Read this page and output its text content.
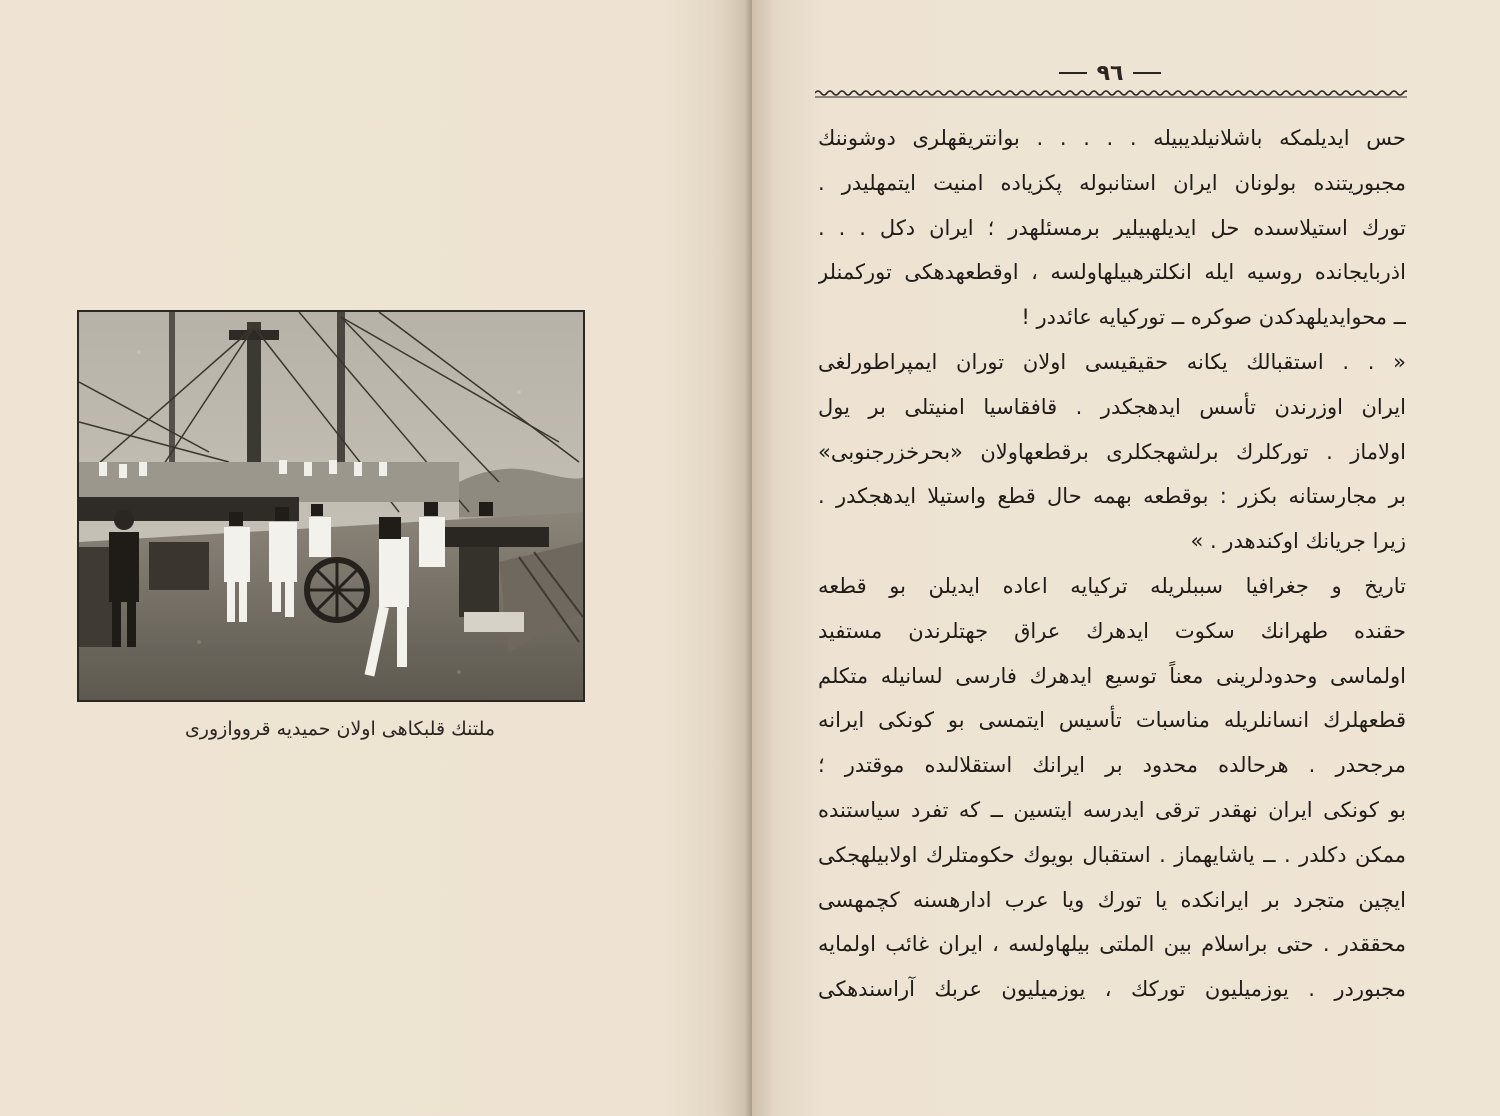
ملتنك قلبكاهى اولان حميديه قرووازورى
٩٦
حس ايديلمكه باشلانيلديبيله . . . . . بوانتريقهلرى دوشوننك
مجبوريتنده بولونان ايران استانبوله پكزياده امنيت ايتمهليدر .
تورك استيلاسىده حل ايديلهبيلير برمسئلهدر ؛ ايران دكل . . .
اذربايجانده روسيه ايله انكلترهبيلهاولسه ، اوقطعهدهكى تورکمنلر
ــ محوايديلهدكدن صوكره ــ توركيايه عائددر !
« . . استقبالك يكانه حقيقيسى اولان توران ايمپراطورلغى
ايران اوزرندن تأسس ايدهجكدر . قافقاسيا امنيتلى بر يول
اولاماز . توركلرك برلشهجكلرى برقطعهاولان «بحرخزرجنوبى»
بر مجارستانه بكزر : بوقطعه بهمه حال قطع واستيلا ايدهجكدر .
زيرا جريانك اوكندهدر . »
تاريخ و جغرافيا سببلريله تركيايه اعاده ايديلن بو قطعه
حقنده طهرانك سكوت ايدهرك عراق جهتلرندن مستفيد
اولماسى وحدودلرينى معناً توسيع ايدهرك فارسى لسانيله متكلم
قطعهلرك انسانلريله مناسبات تأسيس ايتمسى بو كونكى ايرانه
مرجحدر . هرحالده محدود بر ايرانك استقلالىده موقتدر ؛
بو كونكى ايران نهقدر ترقى ايدرسه ايتسين ــ كه تفرد سياستنده
ممكن دكلدر . ــ ياشايهماز . استقبال بويوك حكومتلرك اولابيلهجكى
ايچين متجرد بر ايرانكده يا تورك ويا عرب ادارهسنه كچمهسى
محققدر . حتى براسلام بين الملتى بيلهاولسه ، ايران غائب اولمايه
مجبوردر . يوزميليون توركك ، يوزميليون عربك آراسندهكى
